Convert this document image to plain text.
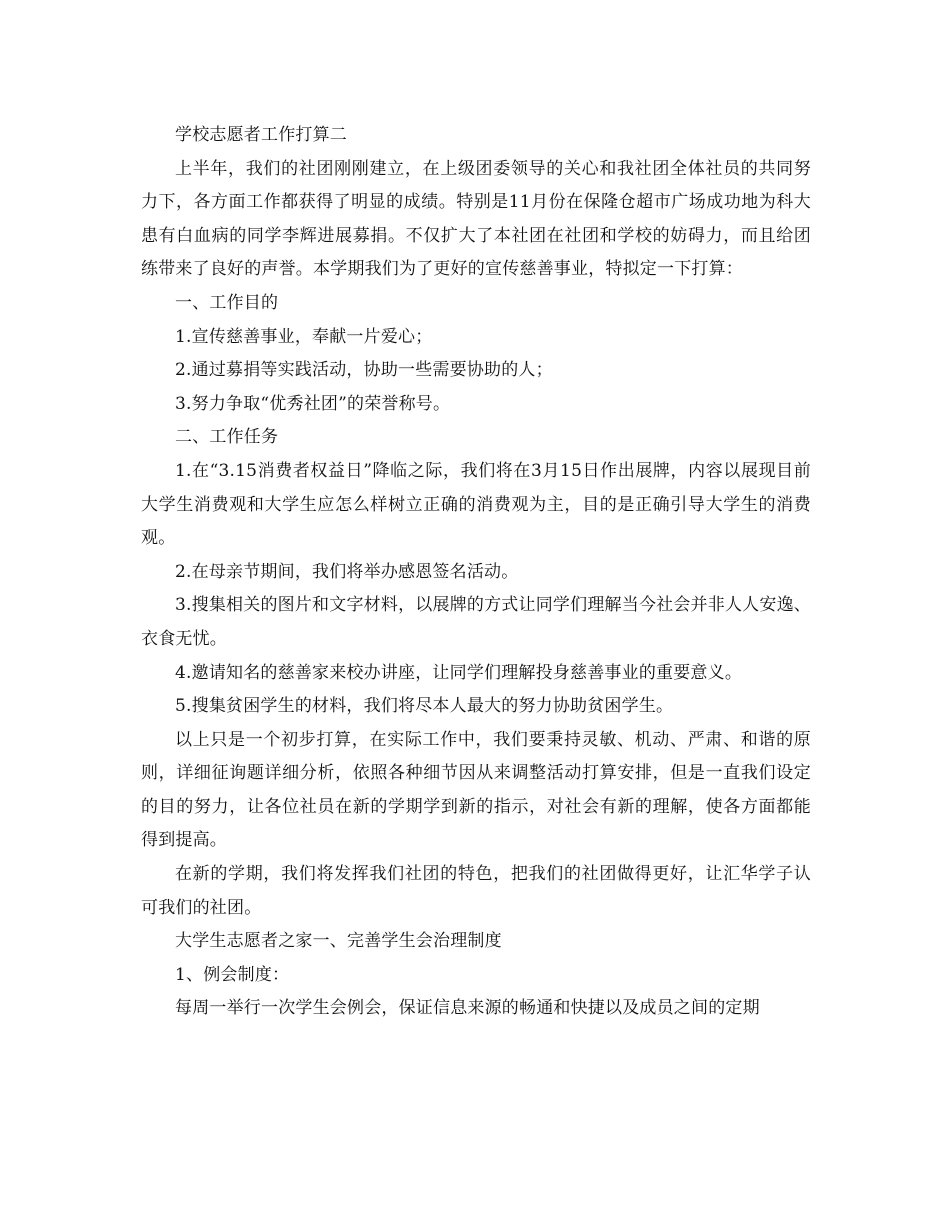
学校志愿者工作打算二

上半年，我们的社团刚刚建立，在上级团委领导的关心和我社团全体社员的共同努力下，各方面工作都获得了明显的成绩。特别是11月份在保隆仓超市广场成功地为科大患有白血病的同学李辉进展募捐。不仅扩大了本社团在社团和学校的妨碍力，而且给团练带来了良好的声誉。本学期我们为了更好的宣传慈善事业，特拟定一下打算：

一、工作目的

1.宣传慈善事业，奉献一片爱心；

2.通过募捐等实践活动，协助一些需要协助的人；

3.努力争取“优秀社团”的荣誉称号。

二、工作任务

1.在“3.15消费者权益日”降临之际，我们将在3月15日作出展牌，内容以展现目前大学生消费观和大学生应怎么样树立正确的消费观为主，目的是正确引导大学生的消费观。

2.在母亲节期间，我们将举办感恩签名活动。

3.搜集相关的图片和文字材料，以展牌的方式让同学们理解当今社会并非人人安逸、衣食无忧。

4.邀请知名的慈善家来校办讲座，让同学们理解投身慈善事业的重要意义。

5.搜集贫困学生的材料，我们将尽本人最大的努力协助贫困学生。

以上只是一个初步打算，在实际工作中，我们要秉持灵敏、机动、严肃、和谐的原则，详细征询题详细分析，依照各种细节因从来调整活动打算安排，但是一直我们设定的目的努力，让各位社员在新的学期学到新的指示，对社会有新的理解，使各方面都能得到提高。

在新的学期，我们将发挥我们社团的特色，把我们的社团做得更好，让汇华学子认可我们的社团。

大学生志愿者之家一、完善学生会治理制度

1、例会制度：

每周一举行一次学生会例会，保证信息来源的畅通和快捷以及成员之间的定期
